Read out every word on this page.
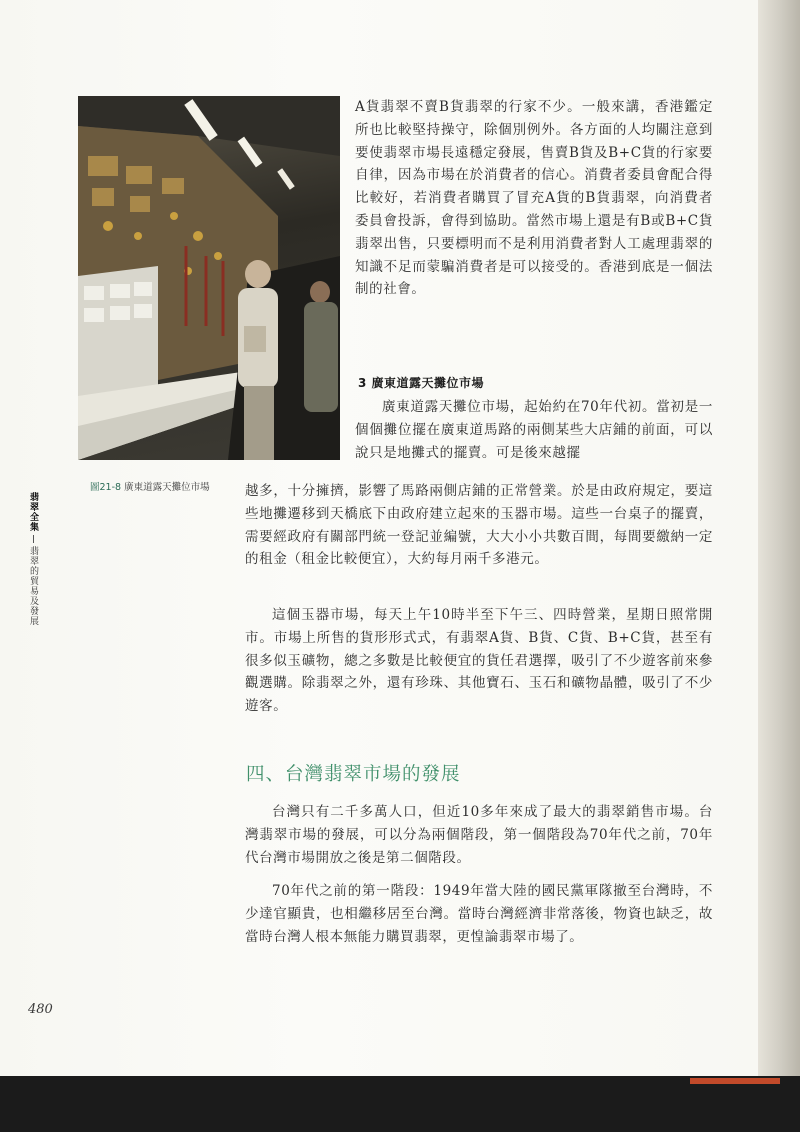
圖21-8 廣東道露天攤位市場
翡翠全集翡翠的貿易及發展
A貨翡翠不賣B貨翡翠的行家不少。一般來講，香港鑑定所也比較堅持操守，除個別例外。各方面的人均關注意到要使翡翠市場長遠穩定發展，售賣B貨及B+C貨的行家要自律，因為市場在於消費者的信心。消費者委員會配合得比較好，若消費者購買了冒充A貨的B貨翡翠，向消費者委員會投訴，會得到協助。當然市場上還是有B或B+C貨翡翠出售，只要標明而不是利用消費者對人工處理翡翠的知識不足而蒙騙消費者是可以接受的。香港到底是一個法制的社會。
3 廣東道露天攤位市場
廣東道露天攤位市場，起始約在70年代初。當初是一個個攤位擺在廣東道馬路的兩側某些大店鋪的前面，可以說只是地攤式的擺賣。可是後來越擺
越多，十分擁擠，影響了馬路兩側店鋪的正常營業。於是由政府規定，要這些地攤遷移到天橋底下由政府建立起來的玉器市場。這些一台桌子的擺賣，需要經政府有關部門統一登記並編號，大大小小共數百間，每間要繳納一定的租金（租金比較便宜），大約每月兩千多港元。
這個玉器市場，每天上午10時半至下午三、四時營業，星期日照常開市。市場上所售的貨形形式式，有翡翠A貨、B貨、C貨、B+C貨，甚至有很多似玉礦物，總之多數是比較便宜的貨任君選擇，吸引了不少遊客前來參觀選購。除翡翠之外，還有珍珠、其他寶石、玉石和礦物晶體，吸引了不少遊客。
四、台灣翡翠市場的發展
台灣只有二千多萬人口，但近10多年來成了最大的翡翠銷售市場。台灣翡翠市場的發展，可以分為兩個階段，第一個階段為70年代之前，70年代台灣市場開放之後是第二個階段。
70年代之前的第一階段：1949年當大陸的國民黨軍隊撤至台灣時，不少達官顯貴，也相繼移居至台灣。當時台灣經濟非常落後，物資也缺乏，故當時台灣人根本無能力購買翡翠，更惶論翡翠市場了。
480
